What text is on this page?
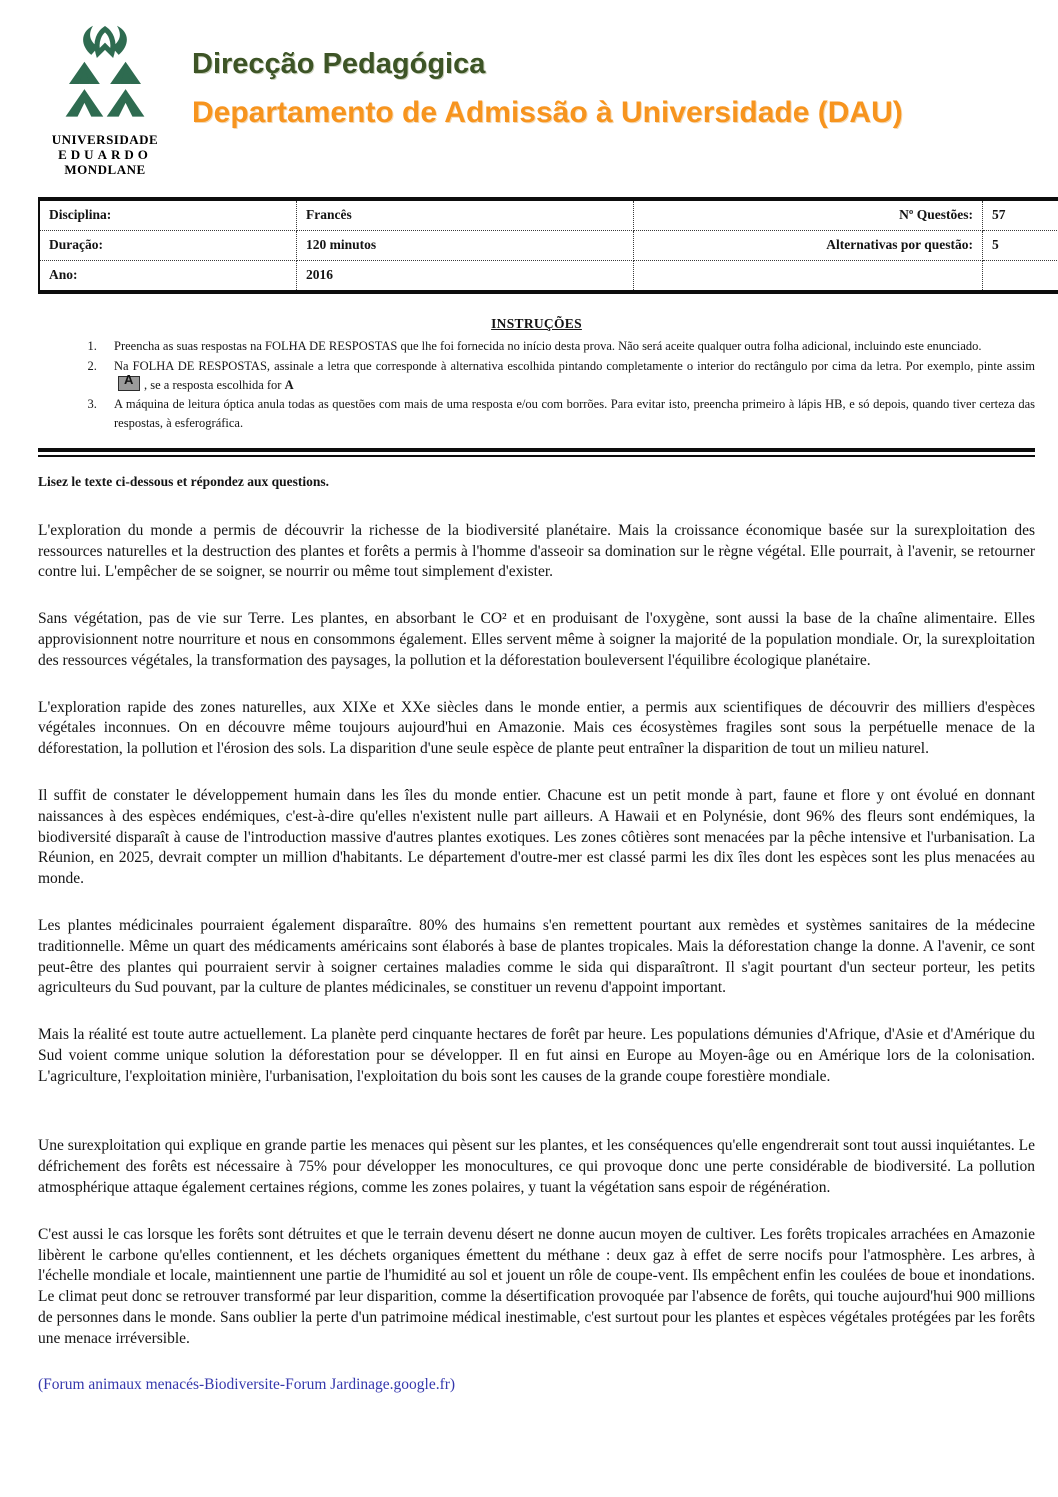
UNIVERSIDADE
EDUARDO
MONDLANE
Direcção Pedagógica
Departamento de Admissão à Universidade (DAU)
Disciplina:	Francês	Nº Questões:	57
Duração:	120 minutos	Alternativas por questão:	5
Ano:	2016		
INSTRUÇÕES
1. Preencha as suas respostas na FOLHA DE RESPOSTAS que lhe foi fornecida no início desta prova. Não será aceite qualquer outra folha adicional, incluindo este enunciado.
2. Na FOLHA DE RESPOSTAS, assinale a letra que corresponde à alternativa escolhida pintando completamente o interior do rectângulo por cima da letra. Por exemplo, pinte assim
A , se a resposta escolhida for A
3. A máquina de leitura óptica anula todas as questões com mais de uma resposta e/ou com borrões. Para evitar isto, preencha primeiro à lápis HB, e só depois, quando tiver certeza das respostas, à esferográfica.
Lisez le texte ci-dessous et répondez aux questions.

L'exploration du monde a permis de découvrir la richesse de la biodiversité planétaire. Mais la croissance économique basée sur la surexploitation des ressources naturelles et la destruction des plantes et forêts a permis à l'homme d'asseoir sa domination sur le règne végétal. Elle pourrait, à l'avenir, se retourner contre lui. L'empêcher de se soigner, se nourrir ou même tout simplement d'exister.

Sans végétation, pas de vie sur Terre. Les plantes, en absorbant le CO² et en produisant de l'oxygène, sont aussi la base de la chaîne alimentaire. Elles approvisionnent notre nourriture et nous en consommons également. Elles servent même à soigner la majorité de la population mondiale. Or, la surexploitation des ressources végétales, la transformation des paysages, la pollution et la déforestation bouleversent l'équilibre écologique planétaire.

L'exploration rapide des zones naturelles, aux XIXe et XXe siècles dans le monde entier, a permis aux scientifiques de découvrir des milliers d'espèces végétales inconnues. On en découvre même toujours aujourd'hui en Amazonie. Mais ces écosystèmes fragiles sont sous la perpétuelle menace de la déforestation, la pollution et l'érosion des sols. La disparition d'une seule espèce de plante peut entraîner la disparition de tout un milieu naturel.

Il suffit de constater le développement humain dans les îles du monde entier. Chacune est un petit monde à part, faune et flore y ont évolué en donnant naissances à des espèces endémiques, c'est-à-dire qu'elles n'existent nulle part ailleurs. A Hawaii et en Polynésie, dont 96% des fleurs sont endémiques, la biodiversité disparaît à cause de l'introduction massive d'autres plantes exotiques. Les zones côtières sont menacées par la pêche intensive et l'urbanisation. La Réunion, en 2025, devrait compter un million d'habitants. Le département d'outre-mer est classé parmi les dix îles dont les espèces sont les plus menacées au monde.

Les plantes médicinales pourraient également disparaître. 80% des humains s'en remettent pourtant aux remèdes et systèmes sanitaires de la médecine traditionnelle. Même un quart des médicaments américains sont élaborés à base de plantes tropicales. Mais la déforestation change la donne. A l'avenir, ce sont peut-être des plantes qui pourraient servir à soigner certaines maladies comme le sida qui disparaîtront. Il s'agit pourtant d'un secteur porteur, les petits agriculteurs du Sud pouvant, par la culture de plantes médicinales, se constituer un revenu d'appoint important.

Mais la réalité est toute autre actuellement. La planète perd cinquante hectares de forêt par heure. Les populations démunies d'Afrique, d'Asie et d'Amérique du Sud voient comme unique solution la déforestation pour se développer. Il en fut ainsi en Europe au Moyen-âge ou en Amérique lors de la colonisation. L'agriculture, l'exploitation minière, l'urbanisation, l'exploitation du bois sont les causes de la grande coupe forestière mondiale.

Une surexploitation qui explique en grande partie les menaces qui pèsent sur les plantes, et les conséquences qu'elle engendrerait sont tout aussi inquiétantes. Le défrichement des forêts est nécessaire à 75% pour développer les monocultures, ce qui provoque donc une perte considérable de biodiversité. La pollution atmosphérique attaque également certaines régions, comme les zones polaires, y tuant la végétation sans espoir de régénération.

C'est aussi le cas lorsque les forêts sont détruites et que le terrain devenu désert ne donne aucun moyen de cultiver. Les forêts tropicales arrachées en Amazonie libèrent le carbone qu'elles contiennent, et les déchets organiques émettent du méthane : deux gaz à effet de serre nocifs pour l'atmosphère. Les arbres, à l'échelle mondiale et locale, maintiennent une partie de l'humidité au sol et jouent un rôle de coupe-vent. Ils empêchent enfin les coulées de boue et inondations. Le climat peut donc se retrouver transformé par leur disparition, comme la désertification provoquée par l'absence de forêts, qui touche aujourd'hui 900 millions de personnes dans le monde. Sans oublier la perte d'un patrimoine médical inestimable, c'est surtout pour les plantes et espèces végétales protégées par les forêts une menace irréversible.

(Forum animaux menacés-Biodiversite-Forum Jardinage.google.fr)
